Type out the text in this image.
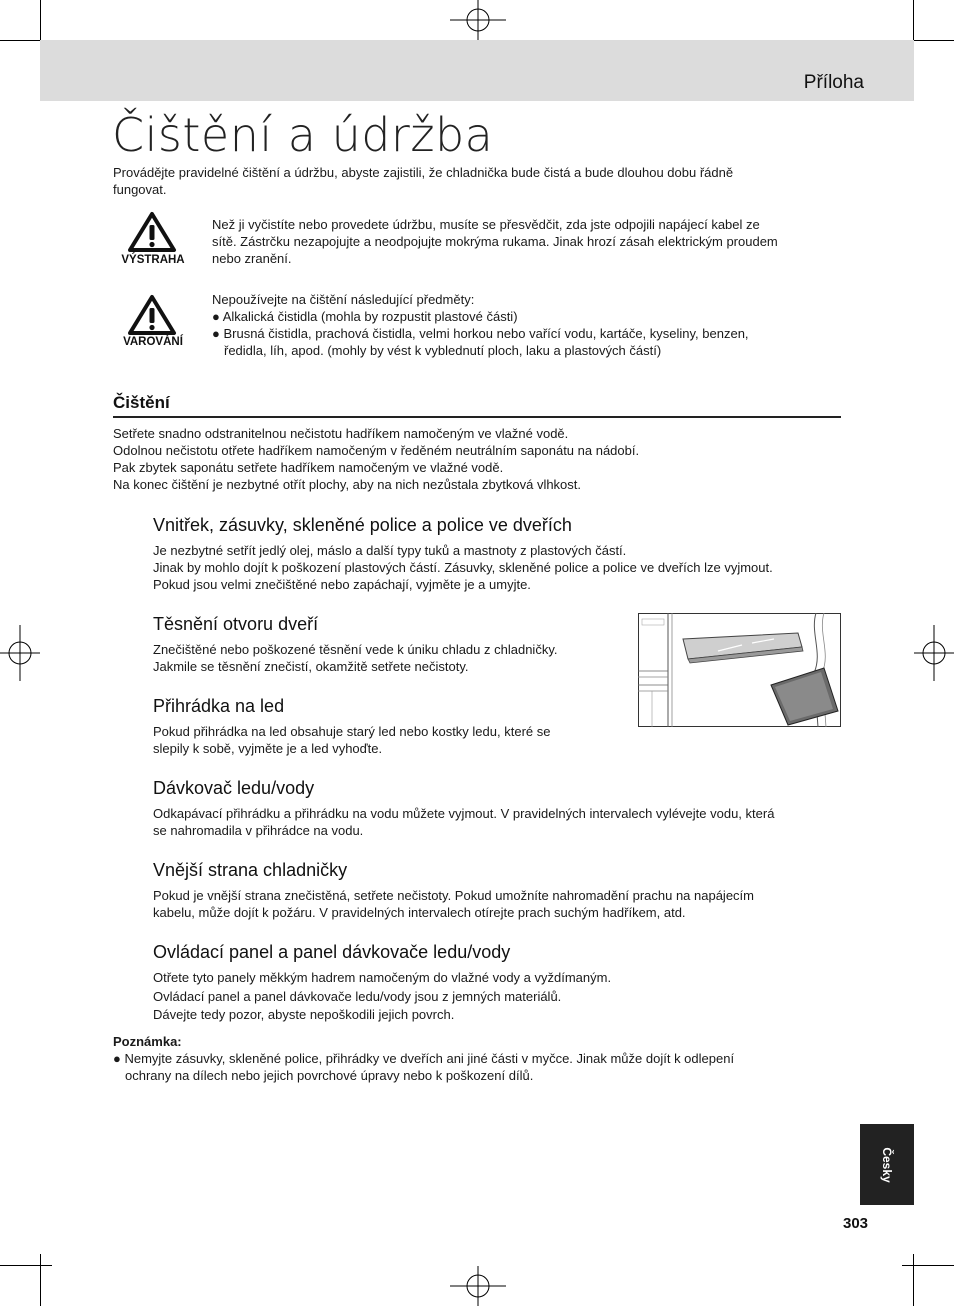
Příloha
Čištění a údržba

Provádějte pravidelné čištění a údržbu, abyste zajistili, že chladnička bude čistá a bude dlouhou dobu řádně

fungovat.

VÝSTRAHA

Než ji vyčistíte nebo provedete údržbu, musíte se přesvědčit, zda jste odpojili napájecí kabel ze

sítě. Zástrčku nezapojujte a neodpojujte mokrýma rukama. Jinak hrozí zásah elektrickým proudem

nebo zranění.

VAROVÁNÍ

Nepoužívejte na čištění následující předměty:

● Alkalická čistidla (mohla by rozpustit plastové části)

● Brusná čistidla, prachová čistidla, velmi horkou nebo vařící vodu, kartáče, kyseliny, benzen,

ředidla, líh, apod. (mohly by vést k vyblednutí ploch, laku a plastových částí)

Čištění

Setřete snadno odstranitelnou nečistotu hadříkem namočeným ve vlažné vodě.

Odolnou nečistotu otřete hadříkem namočeným v ředěném neutrálním saponátu na nádobí.

Pak zbytek saponátu setřete hadříkem namočeným ve vlažné vodě.

Na konec čištění je nezbytné otřít plochy, aby na nich nezůstala zbytková vlhkost.

Vnitřek, zásuvky, skleněné police a police ve dveřích

Je nezbytné setřít jedlý olej, máslo a další typy tuků a mastnoty z plastových částí.

Jinak by mohlo dojít k poškození plastových částí. Zásuvky, skleněné police a police ve dveřích lze vyjmout.

Pokud jsou velmi znečištěné nebo zapáchají, vyjměte je a umyjte.

Těsnění otvoru dveří

Znečištěné nebo poškozené těsnění vede k úniku chladu z chladničky.

Jakmile se těsnění znečistí, okamžitě setřete nečistoty.

Přihrádka na led

Pokud přihrádka na led obsahuje starý led nebo kostky ledu, které se

slepily k sobě, vyjměte je a led vyhoďte.

Dávkovač ledu/vody

Odkapávací přihrádku a přihrádku na vodu můžete vyjmout. V pravidelných intervalech vylévejte vodu, která

se nahromadila v přihrádce na vodu.

Vnější strana chladničky

Pokud je vnější strana znečistěná, setřete nečistoty. Pokud umožníte nahromadění prachu na napájecím

kabelu, může dojít k požáru. V pravidelných intervalech otírejte prach suchým hadříkem, atd.

Ovládací panel a panel dávkovače ledu/vody

Otřete tyto panely měkkým hadrem namočeným do vlažné vody a vyždímaným.

Ovládací panel a panel dávkovače ledu/vody jsou z jemných materiálů.

Dávejte tedy pozor, abyste nepoškodili jejich povrch.

Poznámka:

● Nemyjte zásuvky, skleněné police, přihrádky ve dveřích ani jiné části v myčce. Jinak může dojít k odlepení

ochrany na dílech nebo jejich povrchové úpravy nebo k poškození dílů.

Česky
303
